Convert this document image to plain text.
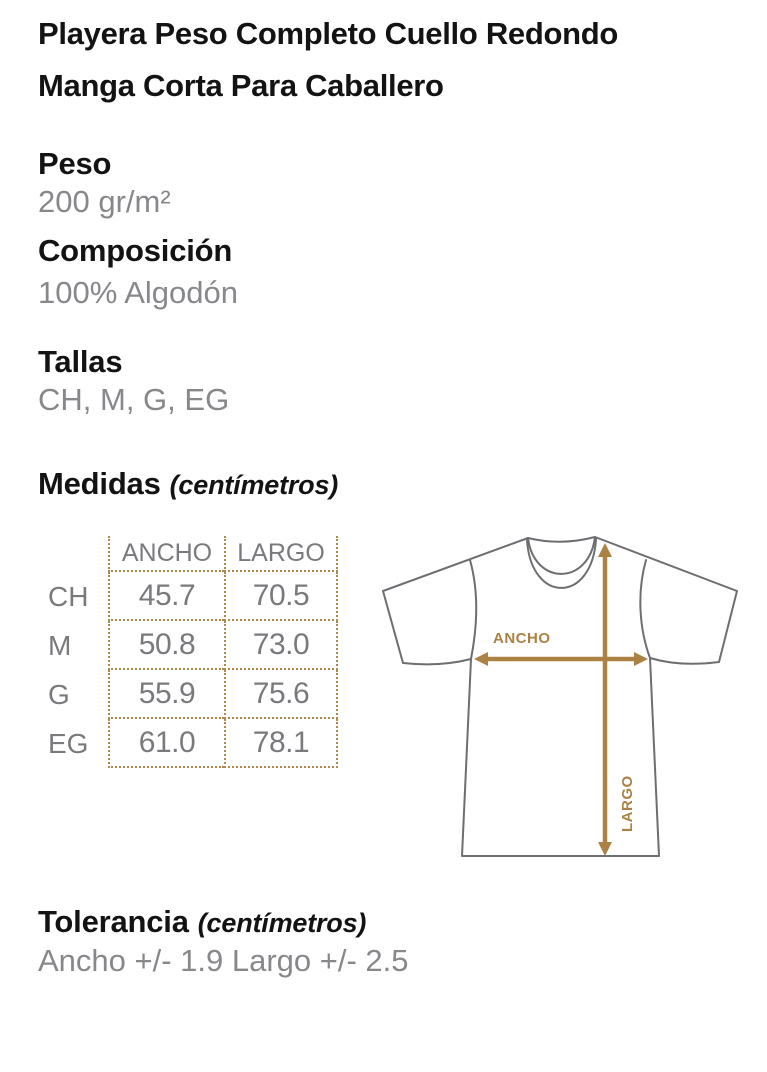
Playera Peso Completo Cuello Redondo
Manga Corta Para Caballero
Peso
200 gr/m²
Composición
100% Algodón
Tallas
CH, M, G, EG
Medidas (centímetros)
ANCHO	LARGO
CH	45.7	70.5
M	50.8	73.0
G	55.9	75.6
EG	61.0	78.1
ANCHO
LARGO
Tolerancia (centímetros)
Ancho +/- 1.9 Largo +/- 2.5
